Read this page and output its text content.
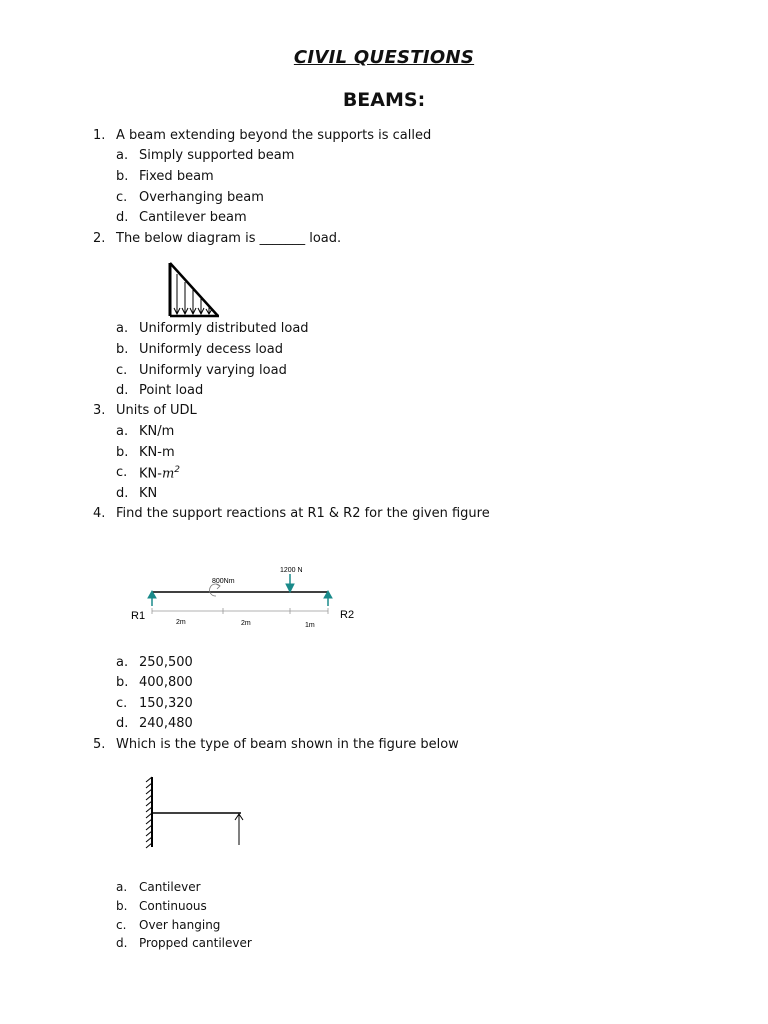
CIVIL QUESTIONS
BEAMS:
1. A beam extending beyond the supports is called
a. Simply supported beam
b. Fixed beam
c. Overhanging beam
d. Cantilever beam
2. The below diagram is _______ load.
a. Uniformly distributed load
b. Uniformly decess load
c. Uniformly varying load
d. Point load
3. Units of UDL
a. KN/m
b. KN-m
c. $KN-m^2$
d. KN
4. Find the support reactions at R1 & R2 for the given figure
1200 N
800Nm
R1	R2
2m	2m	1m
a. 250,500
b. 400,800
c. 150,320
d. 240,480
5. Which is the type of beam shown in the figure below
a. Cantilever
b. Continuous
c. Over hanging
d. Propped cantilever
